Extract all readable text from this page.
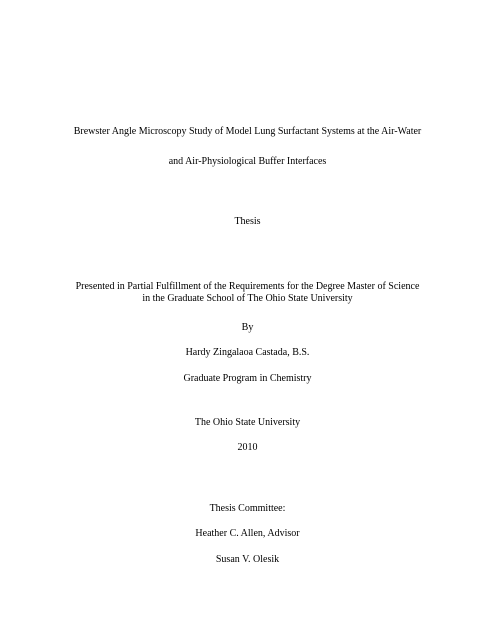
Brewster Angle Microscopy Study of Model Lung Surfactant Systems at the Air-Water
and Air-Physiological Buffer Interfaces
Thesis
Presented in Partial Fulfillment of the Requirements for the Degree Master of Science
in the Graduate School of The Ohio State University
By
Hardy Zingalaoa Castada, B.S.
Graduate Program in Chemistry
The Ohio State University
2010
Thesis Committee:
Heather C. Allen, Advisor
Susan V. Olesik
